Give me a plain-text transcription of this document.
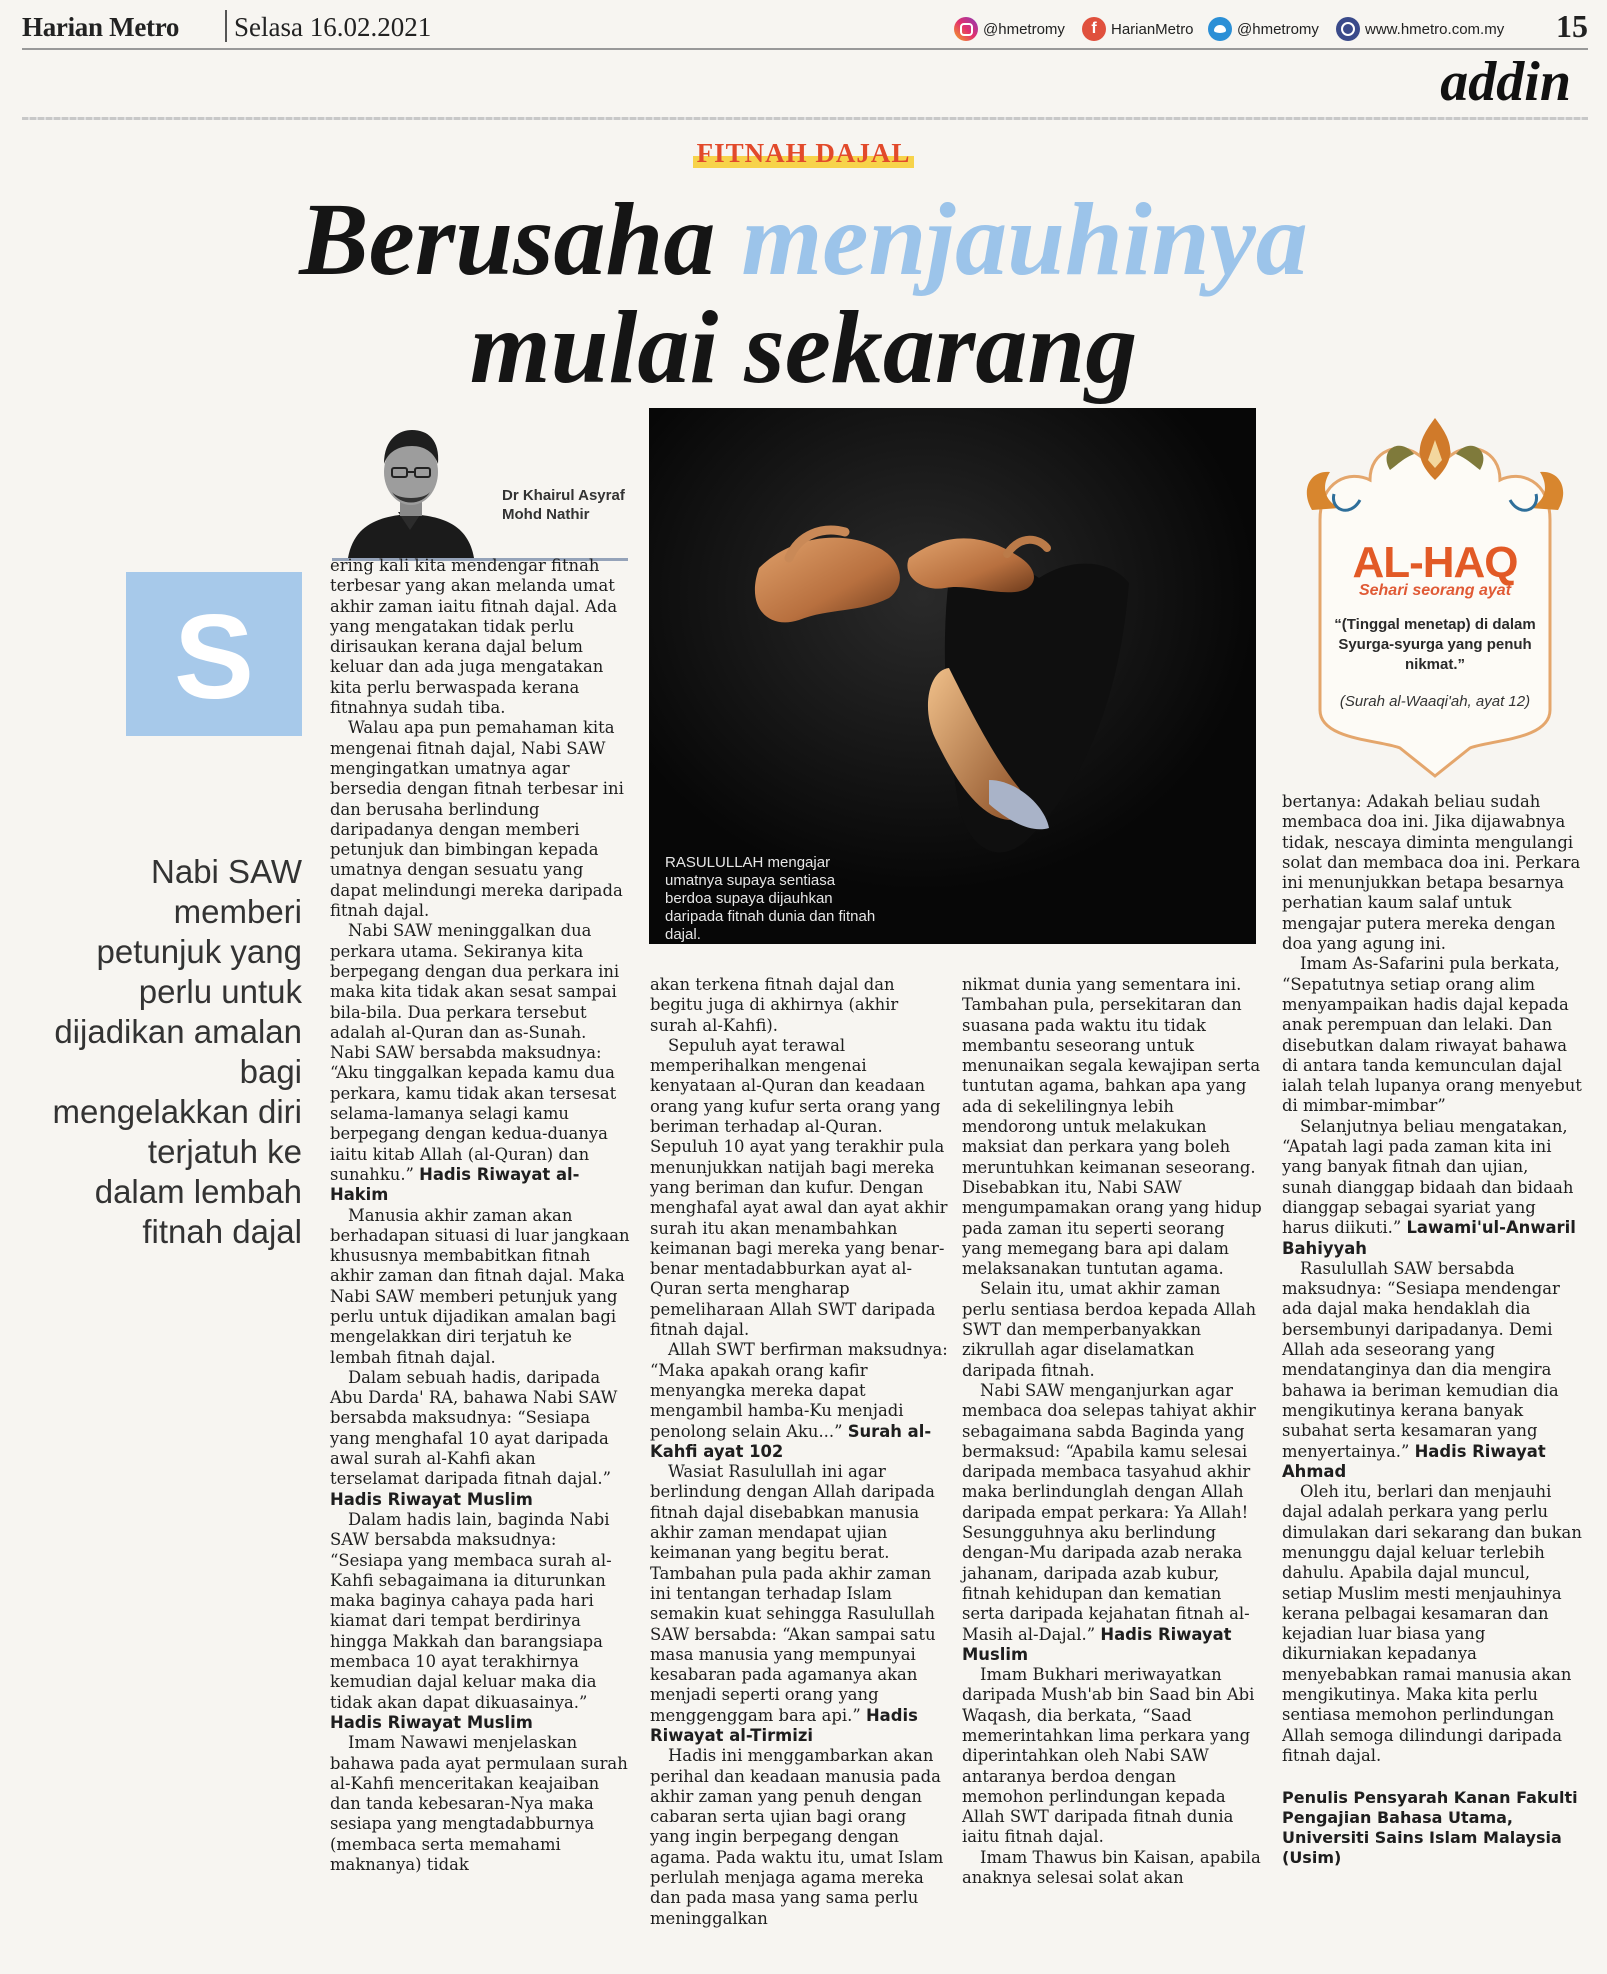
Harian Metro Selasa 16.02.2021	@hmetromy	f HarianMetro	@hmetromy	www.hmetro.com.my 15
addin
FITNAH DAJAL
Berusaha menjauhinya
mulai sekarang
Dr Khairul Asyraf
Mohd Nathir
S
Nabi SAW memberi petunjuk yang perlu untuk dijadikan amalan bagi mengelakkan diri terjatuh ke dalam lembah fitnah dajal
RASULULLAH mengajar umatnya supaya sentiasa berdoa supaya dijauhkan daripada fitnah dunia dan fitnah dajal.
AL-HAQ
Sehari seorang ayat
“(Tinggal menetap) di dalam Syurga-syurga yang penuh nikmat.”
(Surah al-Waaqi'ah, ayat 12)

ering kali kita mendengar fitnah terbesar yang akan melanda umat akhir zaman iaitu fitnah dajal. Ada yang mengatakan tidak perlu dirisaukan kerana dajal belum keluar dan ada juga mengatakan kita perlu berwaspada kerana fitnahnya sudah tiba.

Walau apa pun pemahaman kita mengenai fitnah dajal, Nabi SAW mengingatkan umatnya agar bersedia dengan fitnah terbesar ini dan berusaha berlindung daripadanya dengan memberi petunjuk dan bimbingan kepada umatnya dengan sesuatu yang dapat melindungi mereka daripada fitnah dajal.

Nabi SAW meninggalkan dua perkara utama. Sekiranya kita berpegang dengan dua perkara ini maka kita tidak akan sesat sampai bila-bila. Dua perkara tersebut adalah al-Quran dan as-Sunah. Nabi SAW bersabda maksudnya: “Aku tinggalkan kepada kamu dua perkara, kamu tidak akan tersesat selama-lamanya selagi kamu berpegang dengan kedua-duanya iaitu kitab Allah (al-Quran) dan sunahku.” Hadis Riwayat al-Hakim

Manusia akhir zaman akan berhadapan situasi di luar jangkaan khususnya membabitkan fitnah akhir zaman dan fitnah dajal. Maka Nabi SAW memberi petunjuk yang perlu untuk dijadikan amalan bagi mengelakkan diri terjatuh ke lembah fitnah dajal.

Dalam sebuah hadis, daripada Abu Darda' RA, bahawa Nabi SAW bersabda maksudnya: “Sesiapa yang menghafal 10 ayat daripada awal surah al-Kahfi akan terselamat daripada fitnah dajal.” Hadis Riwayat Muslim

Dalam hadis lain, baginda Nabi SAW bersabda maksudnya: “Sesiapa yang membaca surah al-Kahfi sebagaimana ia diturunkan maka baginya cahaya pada hari kiamat dari tempat berdirinya hingga Makkah dan barangsiapa membaca 10 ayat terakhirnya kemudian dajal keluar maka dia tidak akan dapat dikuasainya.” Hadis Riwayat Muslim

Imam Nawawi menjelaskan bahawa pada ayat permulaan surah al-Kahfi menceritakan keajaiban dan tanda kebesaran-Nya maka sesiapa yang mengtadabburnya (membaca serta memahami maknanya) tidak

akan terkena fitnah dajal dan begitu juga di akhirnya (akhir surah al-Kahfi).

Sepuluh ayat terawal memperihalkan mengenai kenyataan al-Quran dan keadaan orang yang kufur serta orang yang beriman terhadap al-Quran. Sepuluh 10 ayat yang terakhir pula menunjukkan natijah bagi mereka yang beriman dan kufur. Dengan menghafal ayat awal dan ayat akhir surah itu akan menambahkan keimanan bagi mereka yang benar-benar mentadabburkan ayat al-Quran serta mengharap pemeliharaan Allah SWT daripada fitnah dajal.

Allah SWT berfirman maksudnya: “Maka apakah orang kafir menyangka mereka dapat mengambil hamba-Ku menjadi penolong selain Aku...” Surah al-Kahfi ayat 102

Wasiat Rasulullah ini agar berlindung dengan Allah daripada fitnah dajal disebabkan manusia akhir zaman mendapat ujian keimanan yang begitu berat. Tambahan pula pada akhir zaman ini tentangan terhadap Islam semakin kuat sehingga Rasulullah SAW bersabda: “Akan sampai satu masa manusia yang mempunyai kesabaran pada agamanya akan menjadi seperti orang yang menggenggam bara api.” Hadis Riwayat al-Tirmizi

Hadis ini menggambarkan akan perihal dan keadaan manusia pada akhir zaman yang penuh dengan cabaran serta ujian bagi orang yang ingin berpegang dengan agama. Pada waktu itu, umat Islam perlulah menjaga agama mereka dan pada masa yang sama perlu meninggalkan

nikmat dunia yang sementara ini. Tambahan pula, persekitaran dan suasana pada waktu itu tidak membantu seseorang untuk menunaikan segala kewajipan serta tuntutan agama, bahkan apa yang ada di sekelilingnya lebih mendorong untuk melakukan maksiat dan perkara yang boleh meruntuhkan keimanan seseorang. Disebabkan itu, Nabi SAW mengumpamakan orang yang hidup pada zaman itu seperti seorang yang memegang bara api dalam melaksanakan tuntutan agama.

Selain itu, umat akhir zaman perlu sentiasa berdoa kepada Allah SWT dan memperbanyakkan zikrullah agar diselamatkan daripada fitnah.

Nabi SAW menganjurkan agar membaca doa selepas tahiyat akhir sebagaimana sabda Baginda yang bermaksud: “Apabila kamu selesai daripada membaca tasyahud akhir maka berlindunglah dengan Allah daripada empat perkara: Ya Allah! Sesungguhnya aku berlindung dengan-Mu daripada azab neraka jahanam, daripada azab kubur, fitnah kehidupan dan kematian serta daripada kejahatan fitnah al-Masih al-Dajal.” Hadis Riwayat Muslim

Imam Bukhari meriwayatkan daripada Mush'ab bin Saad bin Abi Waqash, dia berkata, “Saad memerintahkan lima perkara yang diperintahkan oleh Nabi SAW antaranya berdoa dengan memohon perlindungan kepada Allah SWT daripada fitnah dunia iaitu fitnah dajal.

Imam Thawus bin Kaisan, apabila anaknya selesai solat akan

bertanya: Adakah beliau sudah membaca doa ini. Jika dijawabnya tidak, nescaya diminta mengulangi solat dan membaca doa ini. Perkara ini menunjukkan betapa besarnya perhatian kaum salaf untuk mengajar putera mereka dengan doa yang agung ini.

Imam As-Safarini pula berkata, “Sepatutnya setiap orang alim menyampaikan hadis dajal kepada anak perempuan dan lelaki. Dan disebutkan dalam riwayat bahawa di antara tanda kemunculan dajal ialah telah lupanya orang menyebut di mimbar-mimbar”

Selanjutnya beliau mengatakan, “Apatah lagi pada zaman kita ini yang banyak fitnah dan ujian, sunah dianggap bidaah dan bidaah dianggap sebagai syariat yang harus diikuti.” Lawami'ul-Anwaril Bahiyyah

Rasulullah SAW bersabda maksudnya: “Sesiapa mendengar ada dajal maka hendaklah dia bersembunyi daripadanya. Demi Allah ada seseorang yang mendatanginya dan dia mengira bahawa ia beriman kemudian dia mengikutinya kerana banyak subahat serta kesamaran yang menyertainya.” Hadis Riwayat Ahmad

Oleh itu, berlari dan menjauhi dajal adalah perkara yang perlu dimulakan dari sekarang dan bukan menunggu dajal keluar terlebih dahulu. Apabila dajal muncul, setiap Muslim mesti menjauhinya kerana pelbagai kesamaran dan kejadian luar biasa yang dikurniakan kepadanya menyebabkan ramai manusia akan mengikutinya. Maka kita perlu sentiasa memohon perlindungan Allah semoga dilindungi daripada fitnah dajal.

Penulis Pensyarah Kanan Fakulti Pengajian Bahasa Utama, Universiti Sains Islam Malaysia (Usim)
